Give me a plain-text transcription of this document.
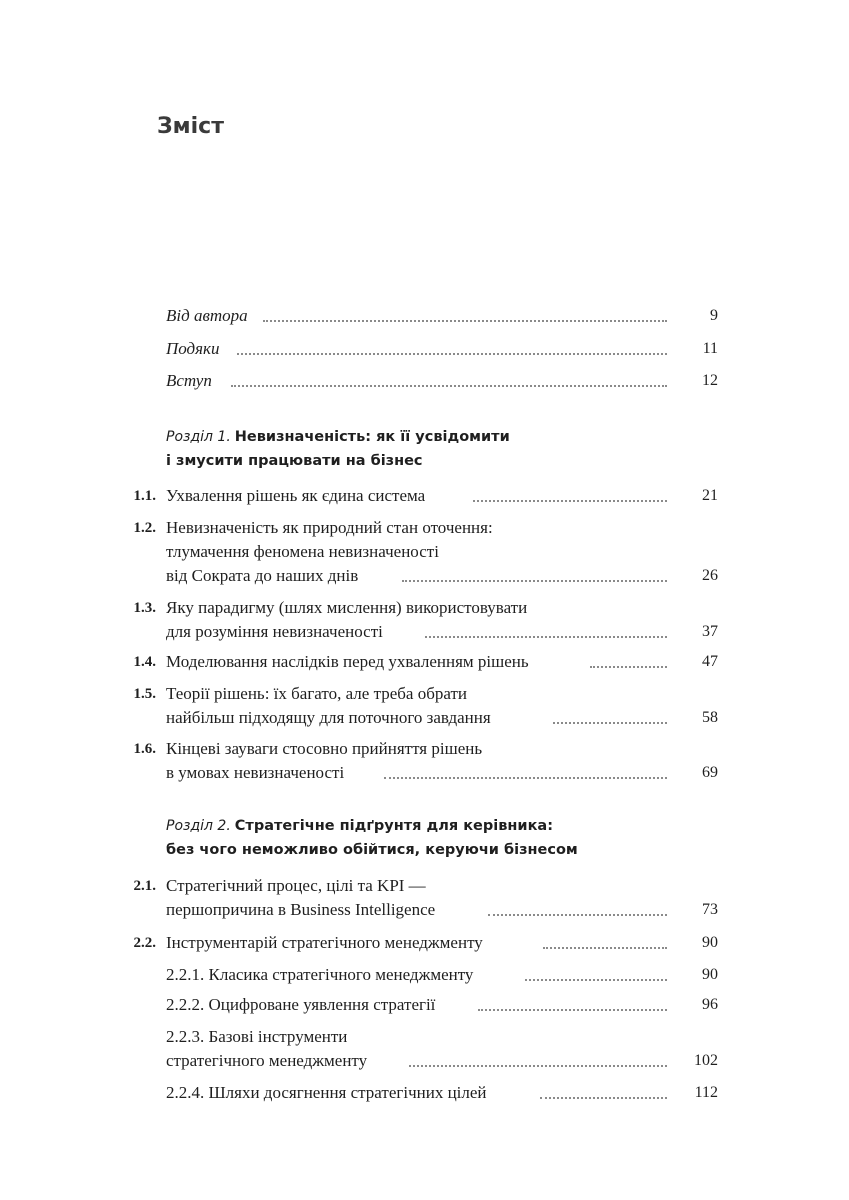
Зміст
Від автора	9
Подяки	11
Вступ	12
Розділ 1. Невизначеність: як її усвідомити
і змусити працювати на бізнес
1.1. Ухвалення рішень як єдина система	21
1.2. Невизначеність як природний стан оточення:
тлумачення феномена невизначеності
від Сократа до наших днів	26
1.3. Яку парадигму (шлях мислення) використовувати
для розуміння невизначеності	37
1.4. Моделювання наслідків перед ухваленням рішень	47
1.5. Теорії рішень: їх багато, але треба обрати
найбільш підходящу для поточного завдання	58
1.6. Кінцеві зауваги стосовно прийняття рішень
в умовах невизначеності	69
Розділ 2. Стратегічне підґрунтя для керівника:
без чого неможливо обійтися, керуючи бізнесом
2.1. Стратегічний процес, цілі та KPI —
першопричина в Business Intelligence	73
2.2. Інструментарій стратегічного менеджменту	90
2.2.1. Класика стратегічного менеджменту	90
2.2.2. Оцифроване уявлення стратегії	96
2.2.3. Базові інструменти
стратегічного менеджменту	102
2.2.4. Шляхи досягнення стратегічних цілей	112
